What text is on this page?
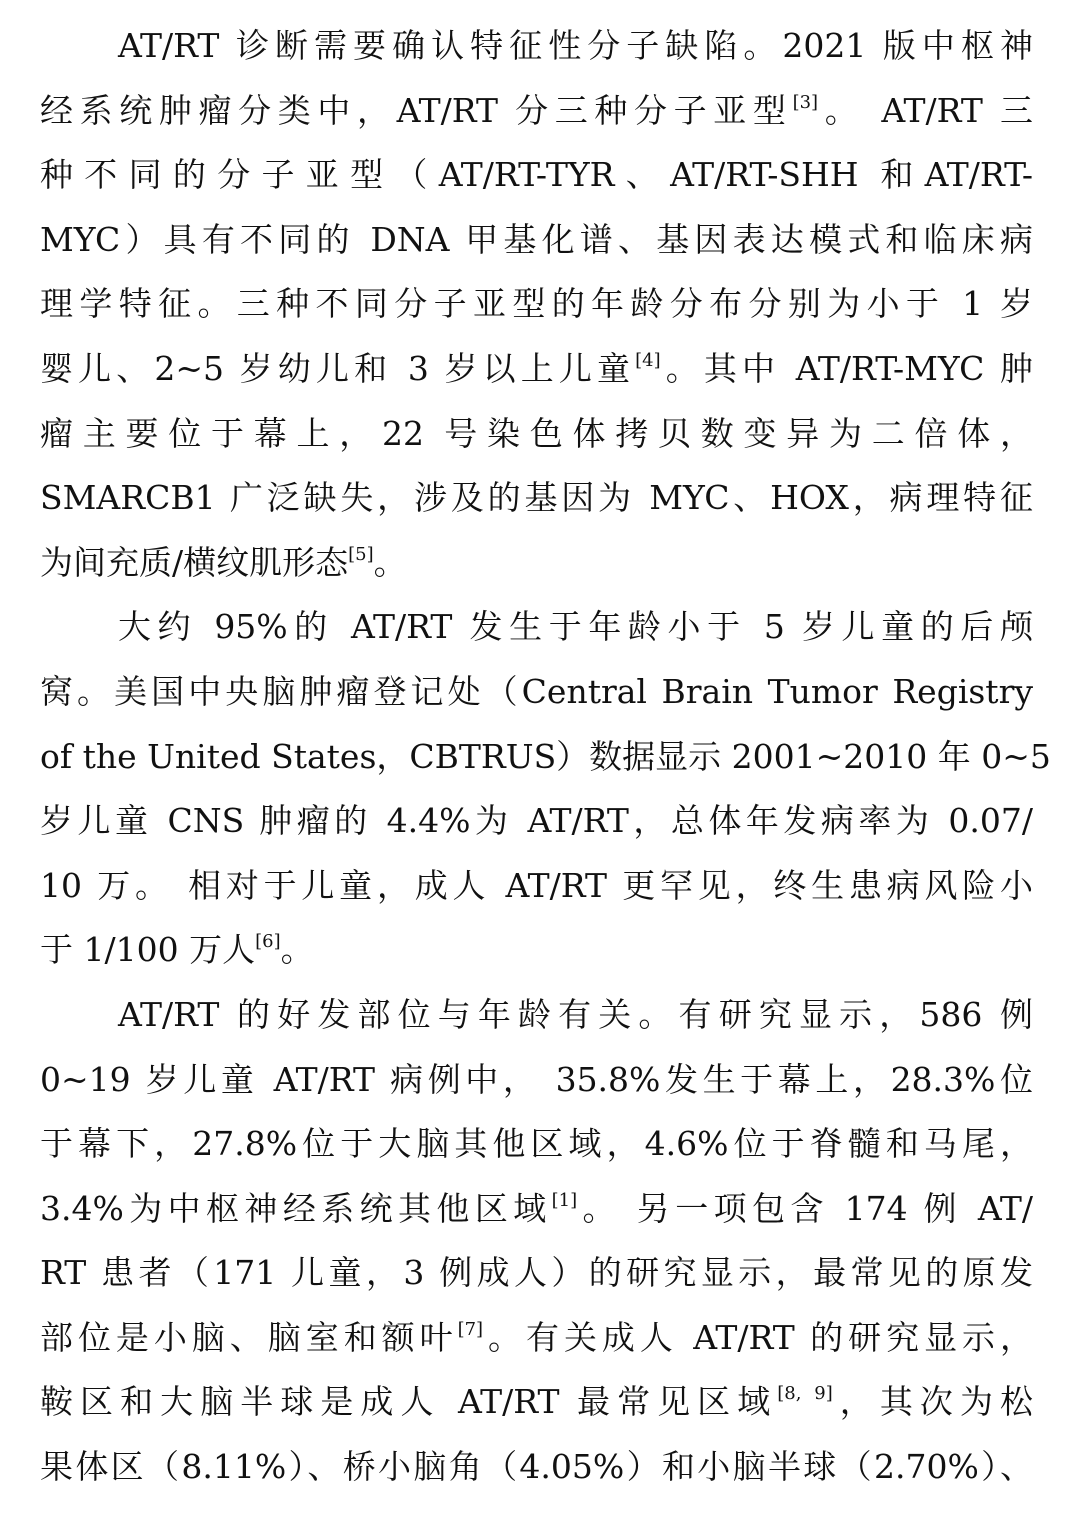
AT/RT 诊断需要确认特征性分子缺陷。2021 版中枢神
经系统肿瘤分类中，AT/RT 分三种分子亚型[3]。 AT/RT 三
种不同的分子亚型（AT/RT-TYR、AT/RT-SHH 和AT/RT-
MYC）具有不同的 DNA 甲基化谱、基因表达模式和临床病
理学特征。三种不同分子亚型的年龄分布分别为小于 1 岁
婴儿、2~5 岁幼儿和 3 岁以上儿童[4]。其中 AT/RT-MYC 肿
瘤主要位于幕上，22 号染色体拷贝数变异为二倍体，
SMARCB1 广泛缺失，涉及的基因为 MYC、HOX，病理特征
为间充质/横纹肌形态[5]。
大约 95%的 AT/RT 发生于年龄小于 5 岁儿童的后颅
窝。美国中央脑肿瘤登记处（Central Brain Tumor Registry
of the United States，CBTRUS）数据显示 2001~2010 年 0~5
岁儿童 CNS 肿瘤的 4.4%为 AT/RT，总体年发病率为 0.07/
10 万。 相对于儿童，成人 AT/RT 更罕见，终生患病风险小
于 1/100 万人[6]。
AT/RT 的好发部位与年龄有关。有研究显示，586 例
0~19 岁儿童 AT/RT 病例中， 35.8%发生于幕上，28.3%位
于幕下，27.8%位于大脑其他区域，4.6%位于脊髓和马尾，
3.4%为中枢神经系统其他区域[1]。 另一项包含 174 例 AT/
RT 患者（171 儿童，3 例成人）的研究显示，最常见的原发
部位是小脑、脑室和额叶[7]。有关成人 AT/RT 的研究显示，
鞍区和大脑半球是成人 AT/RT 最常见区域[8, 9]，其次为松
果体区（8.11%）、桥小脑角（4.05%）和小脑半球（2.70%）、
